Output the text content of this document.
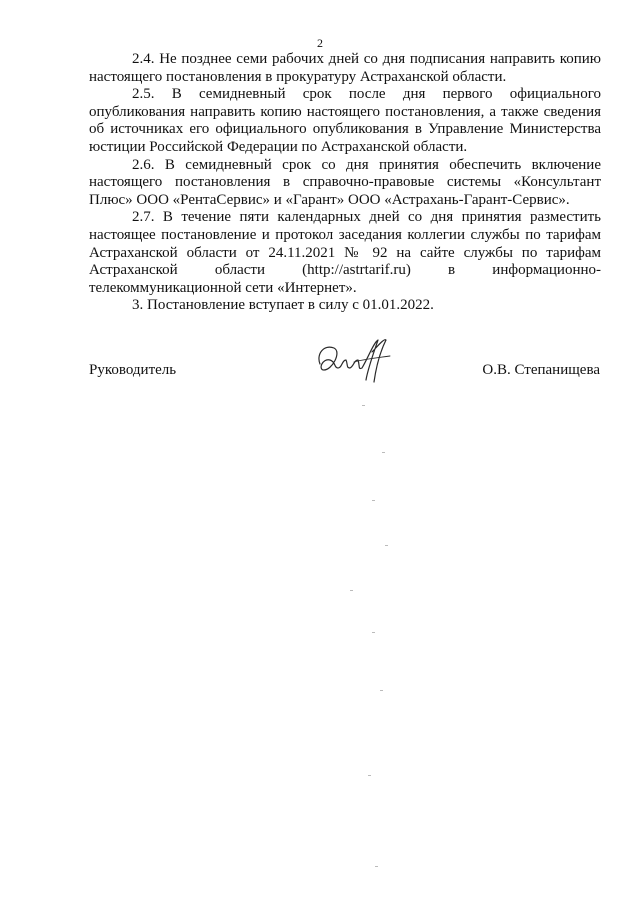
2

2.4. Не позднее семи рабочих дней со дня подписания направить копию настоящего постановления в прокуратуру Астраханской области.

2.5. В семидневный срок после дня первого официального опубликования направить копию настоящего постановления, а также сведения об источниках его официального опубликования в Управление Министерства юстиции Российской Федерации по Астраханской области.

2.6. В семидневный срок со дня принятия обеспечить включение настоящего постановления в справочно-правовые системы «Консультант Плюс» ООО «РентаСервис» и «Гарант» ООО «Астрахань-Гарант-Сервис».

2.7. В течение пяти календарных дней со дня принятия разместить настоящее постановление и протокол заседания коллегии службы по тарифам Астраханской области от 24.11.2021 № 92 на сайте службы по тарифам Астраханской области (http://astrtarif.ru) в информационно-телекоммуникационной сети «Интернет».

3. Постановление вступает в силу с 01.01.2022.

Руководитель	О.В. Степанищева
